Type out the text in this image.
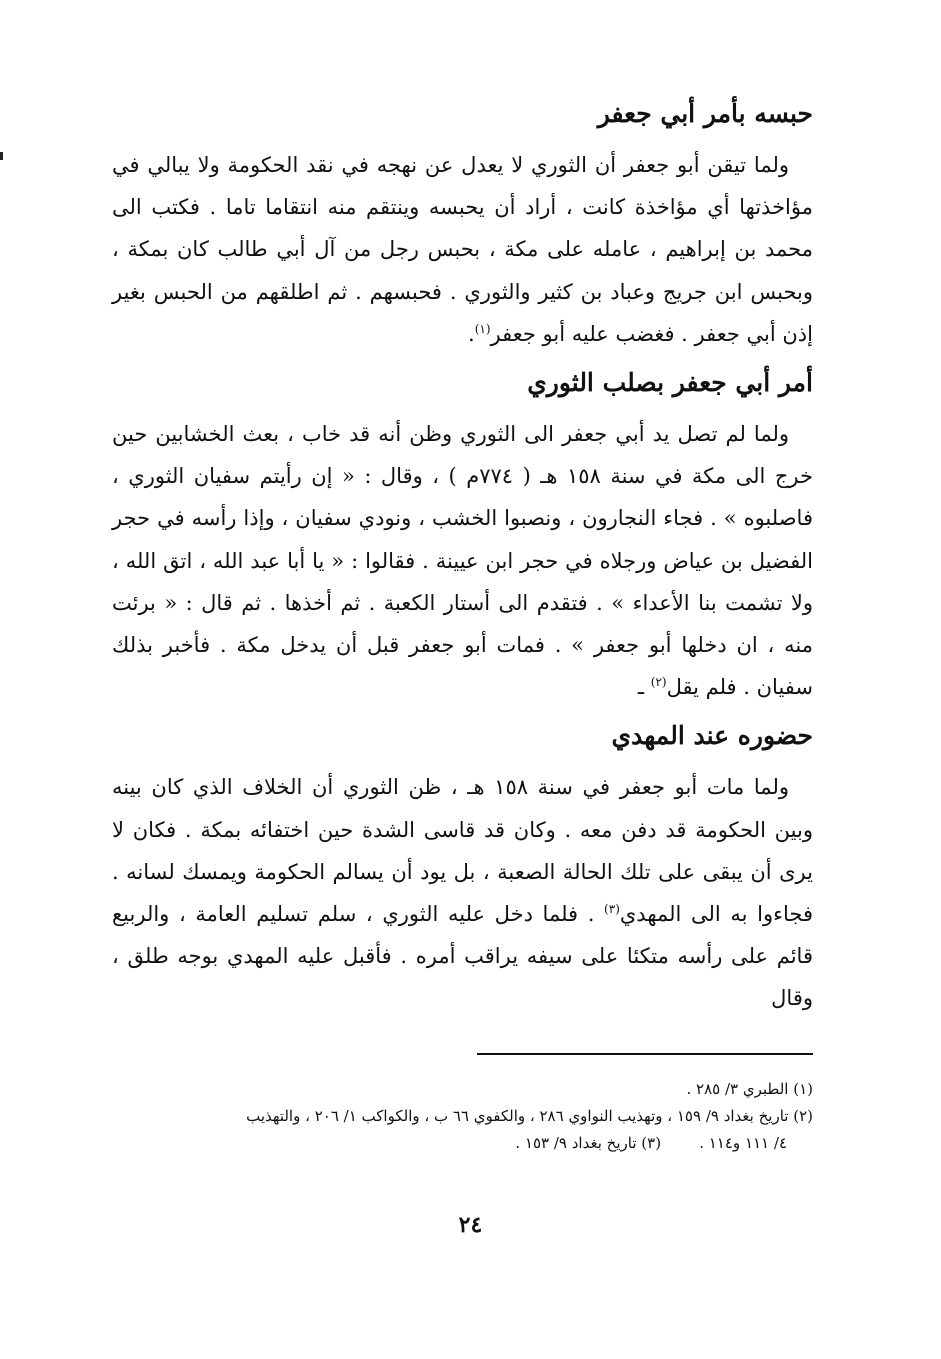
حبسه بأمر أبي جعفر

ولما تيقن أبو جعفر أن الثوري لا يعدل عن نهجه في نقد الحكومة ولا يبالي في مؤاخذتها أي مؤاخذة كانت ، أراد أن يحبسه وينتقم منه انتقاما تاما . فكتب الى محمد بن إبراهيم ، عامله على مكة ، بحبس رجل من آل أبي طالب كان بمكة ، وبحبس ابن جريج وعباد بن كثير والثوري . فحبسهم . ثم اطلقهم من الحبس بغير إذن أبي جعفر . فغضب عليه أبو جعفر$^{(١)}$.

أمر أبي جعفر بصلب الثوري

ولما لم تصل يد أبي جعفر الى الثوري وظن أنه قد خاب ، بعث الخشابين حين خرج الى مكة في سنة ١٥٨ هـ ( ٧٧٤م ) ، وقال : « إن رأيتم سفيان الثوري ، فاصلبوه » . فجاء النجارون ، ونصبوا الخشب ، ونودي سفيان ، وإذا رأسه في حجر الفضيل بن عياض ورجلاه في حجر ابن عيينة . فقالوا : « يا أبا عبد الله ، اتق الله ، ولا تشمت بنا الأعداء » . فتقدم الى أستار الكعبة . ثم أخذها . ثم قال : « برئت منه ، ان دخلها أبو جعفر » . فمات أبو جعفر قبل أن يدخل مكة . فأخبر بذلك سفيان . فلم يقل$^{(٢)}$ ـ

حضوره عند المهدي

ولما مات أبو جعفر في سنة ١٥٨ هـ ، ظن الثوري أن الخلاف الذي كان بينه وبين الحكومة قد دفن معه . وكان قد قاسى الشدة حين اختفائه بمكة . فكان لا يرى أن يبقى على تلك الحالة الصعبة ، بل يود أن يسالم الحكومة ويمسك لسانه . فجاءوا به الى المهدي$^{(٣)}$ . فلما دخل عليه الثوري ، سلم تسليم العامة ، والربيع قائم على رأسه متكئا على سيفه يراقب أمره . فأقبل عليه المهدي بوجه طلق ، وقال

(١) الطبري ٣/ ٢٨٥ .

(٢) تاريخ بغداد ٩/ ١٥٩ ، وتهذيب النواوي ٢٨٦ ، والكفوي ٦٦ ب ، والكواكب ١/ ٢٠٦ ، والتهذيب

٤/ ١١١ و١١٤ .        (٣) تاريخ بغداد ٩/ ١٥٣ .

٢٤
